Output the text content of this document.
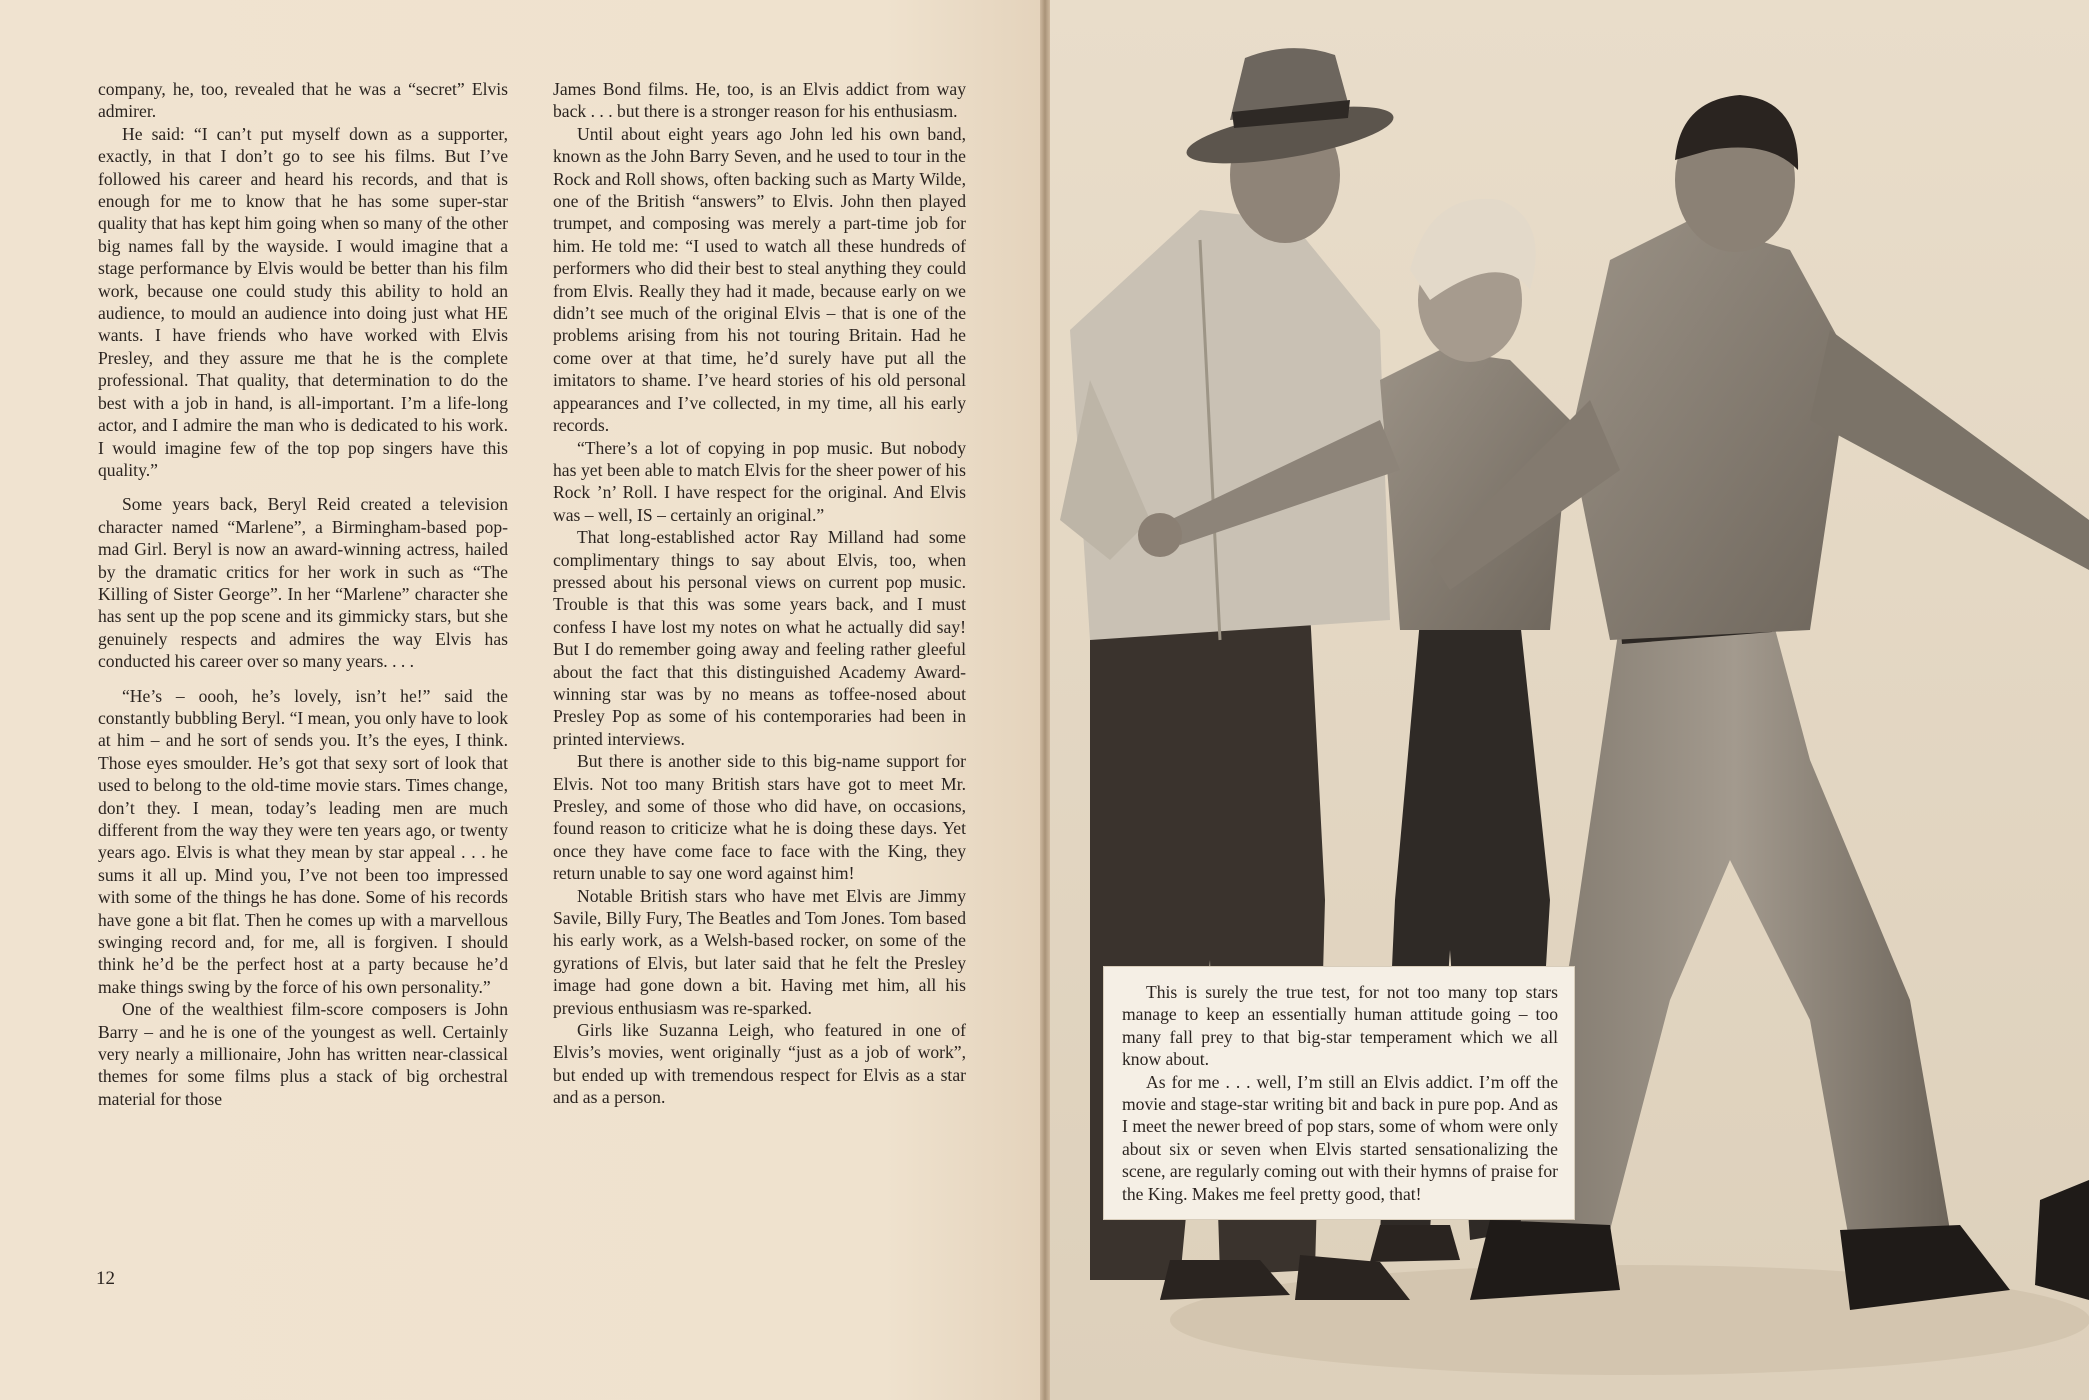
company, he, too, revealed that he was a “secret” Elvis admirer.

He said: “I can’t put myself down as a supporter, exactly, in that I don’t go to see his films. But I’ve followed his career and heard his records, and that is enough for me to know that he has some super-star quality that has kept him going when so many of the other big names fall by the wayside. I would imagine that a stage performance by Elvis would be better than his film work, because one could study this ability to hold an audience, to mould an audience into doing just what HE wants. I have friends who have worked with Elvis Presley, and they assure me that he is the complete professional. That quality, that determination to do the best with a job in hand, is all-important. I’m a life-long actor, and I admire the man who is dedicated to his work. I would imagine few of the top pop singers have this quality.”

Some years back, Beryl Reid created a television character named “Marlene”, a Birmingham-based pop-mad Girl. Beryl is now an award-winning actress, hailed by the dramatic critics for her work in such as “The Killing of Sister George”. In her “Marlene” character she has sent up the pop scene and its gimmicky stars, but she genuinely respects and admires the way Elvis has conducted his career over so many years. . . .

“He’s – oooh, he’s lovely, isn’t he!” said the constantly bubbling Beryl. “I mean, you only have to look at him – and he sort of sends you. It’s the eyes, I think. Those eyes smoulder. He’s got that sexy sort of look that used to belong to the old-time movie stars. Times change, don’t they. I mean, today’s leading men are much different from the way they were ten years ago, or twenty years ago. Elvis is what they mean by star appeal . . . he sums it all up. Mind you, I’ve not been too impressed with some of the things he has done. Some of his records have gone a bit flat. Then he comes up with a marvellous swinging record and, for me, all is forgiven. I should think he’d be the perfect host at a party because he’d make things swing by the force of his own personality.”

One of the wealthiest film-score composers is John Barry – and he is one of the youngest as well. Certainly very nearly a millionaire, John has written near-classical themes for some films plus a stack of big orchestral material for those

James Bond films. He, too, is an Elvis addict from way back . . . but there is a stronger reason for his enthusiasm.

Until about eight years ago John led his own band, known as the John Barry Seven, and he used to tour in the Rock and Roll shows, often backing such as Marty Wilde, one of the British “answers” to Elvis. John then played trumpet, and composing was merely a part-time job for him. He told me: “I used to watch all these hundreds of performers who did their best to steal anything they could from Elvis. Really they had it made, because early on we didn’t see much of the original Elvis – that is one of the problems arising from his not touring Britain. Had he come over at that time, he’d surely have put all the imitators to shame. I’ve heard stories of his old personal appearances and I’ve collected, in my time, all his early records.

“There’s a lot of copying in pop music. But nobody has yet been able to match Elvis for the sheer power of his Rock ’n’ Roll. I have respect for the original. And Elvis was – well, IS – certainly an original.”

That long-established actor Ray Milland had some complimentary things to say about Elvis, too, when pressed about his personal views on current pop music. Trouble is that this was some years back, and I must confess I have lost my notes on what he actually did say! But I do remember going away and feeling rather gleeful about the fact that this distinguished Academy Award-winning star was by no means as toffee-nosed about Presley Pop as some of his contemporaries had been in printed interviews.

But there is another side to this big-name support for Elvis. Not too many British stars have got to meet Mr. Presley, and some of those who did have, on occasions, found reason to criticize what he is doing these days. Yet once they have come face to face with the King, they return unable to say one word against him!

Notable British stars who have met Elvis are Jimmy Savile, Billy Fury, The Beatles and Tom Jones. Tom based his early work, as a Welsh-based rocker, on some of the gyrations of Elvis, but later said that he felt the Presley image had gone down a bit. Having met him, all his previous enthusiasm was re-sparked.

Girls like Suzanna Leigh, who featured in one of Elvis’s movies, went originally “just as a job of work”, but ended up with tremendous respect for Elvis as a star and as a person.

12

This is surely the true test, for not too many top stars manage to keep an essentially human attitude going – too many fall prey to that big-star temperament which we all know about.

As for me . . . well, I’m still an Elvis addict. I’m off the movie and stage-star writing bit and back in pure pop. And as I meet the newer breed of pop stars, some of whom were only about six or seven when Elvis started sensationalizing the scene, are regularly coming out with their hymns of praise for the King. Makes me feel pretty good, that!
